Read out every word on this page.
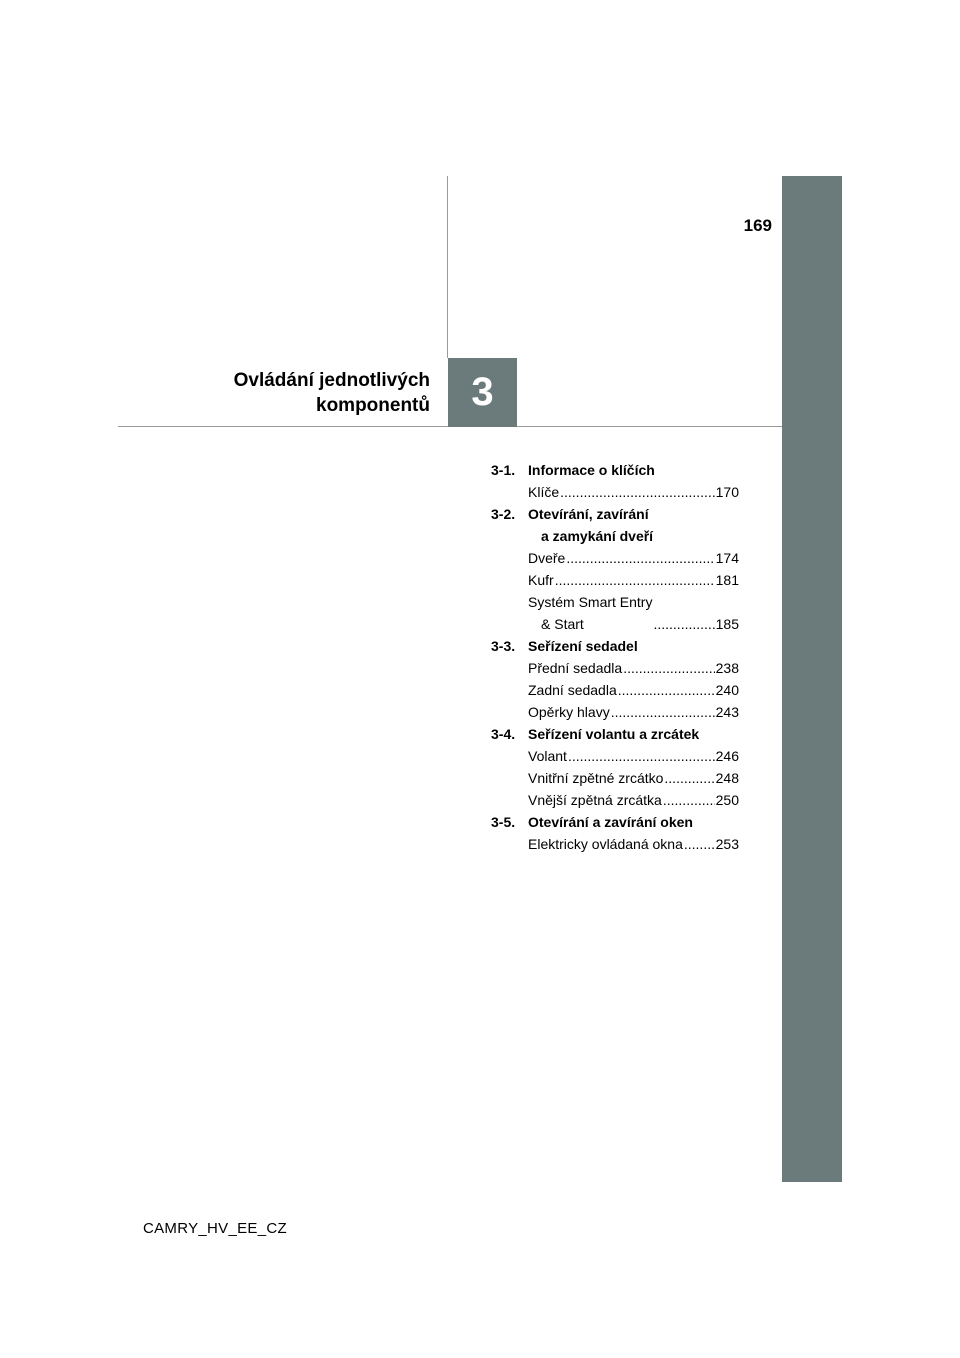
169
Ovládání jednotlivých
komponentů	3
3-1. Informace o klíčích
Klíče .....	170
3-2. Otevírání, zavírání
a zamykání dveří
Dveře .....	174
Kufr .....	181
Systém Smart Entry
& Start .....	185
3-3. Seřízení sedadel
Přední sedadla .....	238
Zadní sedadla .....	240
Opěrky hlavy .....	243
3-4. Seřízení volantu a zrcátek
Volant .....	246
Vnitřní zpětné zrcátko .....	248
Vnější zpětná zrcátka .....	250
3-5. Otevírání a zavírání oken
Elektricky ovládaná okna ..... 253
CAMRY_HV_EE_CZ
